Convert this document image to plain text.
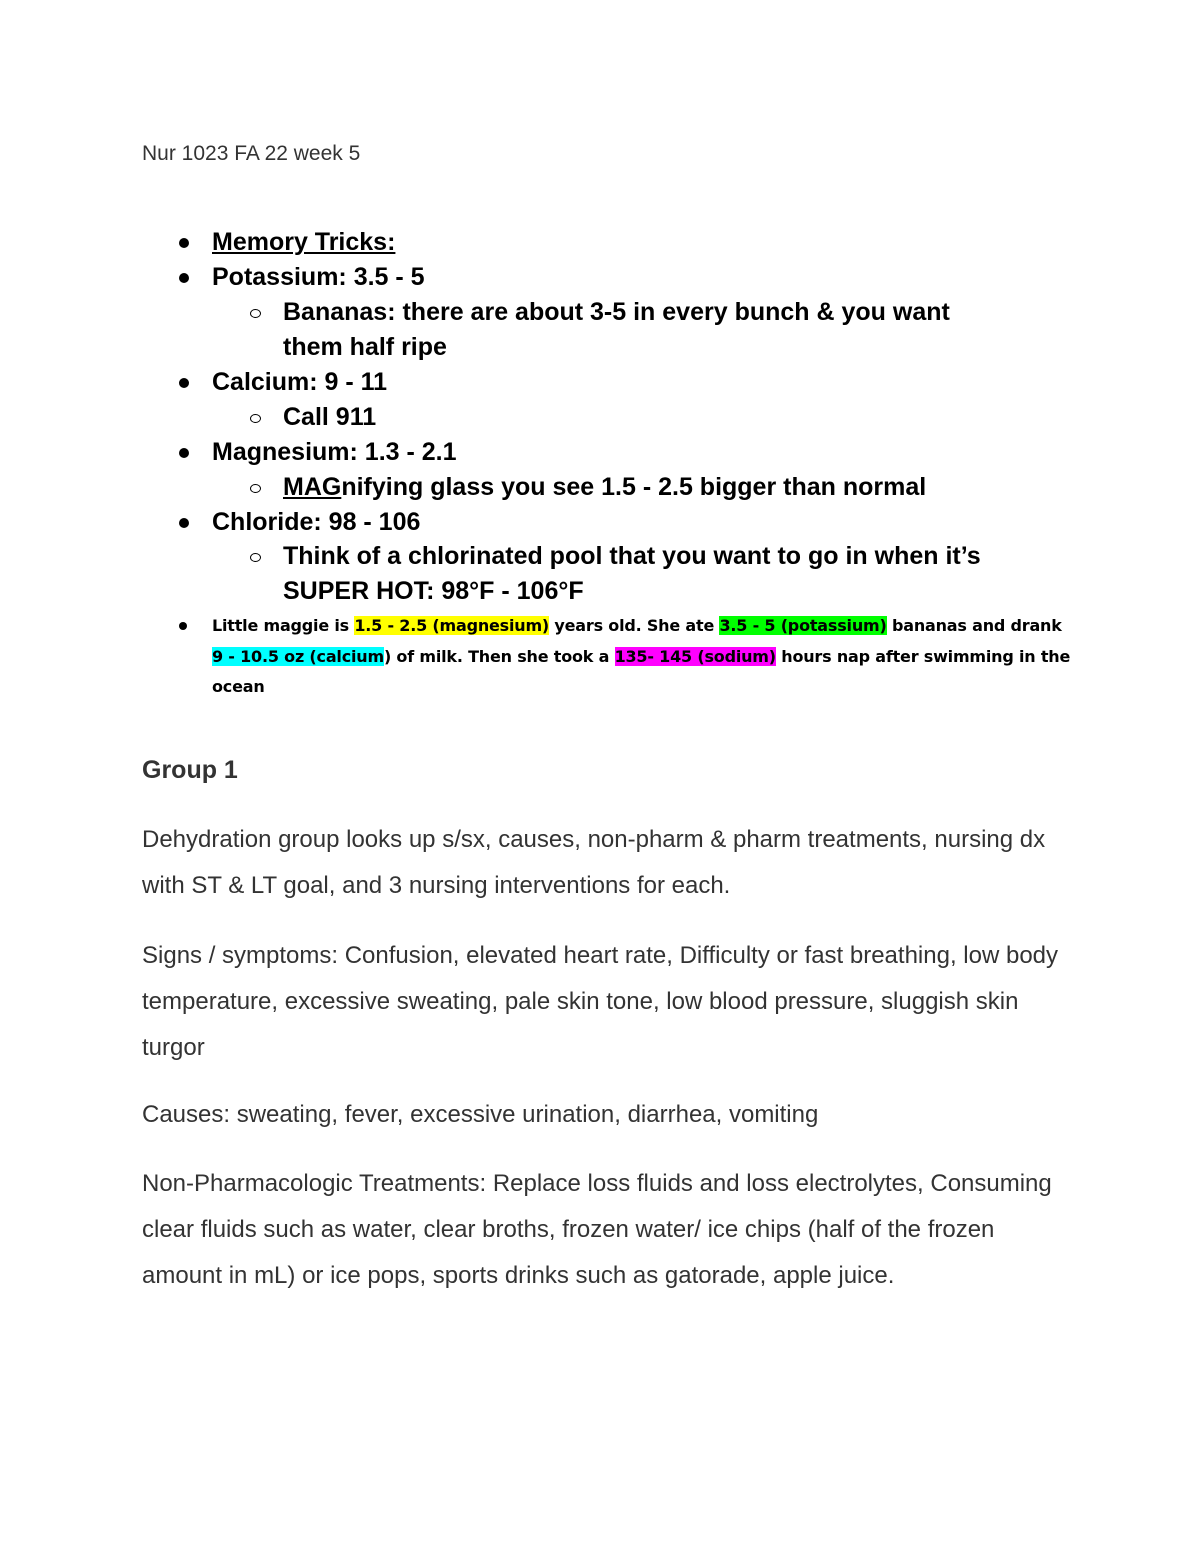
Nur 1023 FA 22 week 5
Memory Tricks:
Potassium: 3.5 - 5
Bananas: there are about 3-5 in every bunch & you want
them half ripe
Calcium: 9 - 11
Call 911
Magnesium: 1.3 - 2.1
MAGnifying glass you see 1.5 - 2.5 bigger than normal
Chloride: 98 - 106
Think of a chlorinated pool that you want to go in when it’s
SUPER HOT: 98°F - 106°F
Little maggie is 1.5 - 2.5 (magnesium) years old. She ate 3.5 - 5 (potassium) bananas and drank 9 - 10.5 oz (calcium) of milk. Then she took a 135- 145 (sodium) hours nap after swimming in the ocean
Group 1
Dehydration group looks up s/sx, causes, non-pharm & pharm treatments, nursing dx with ST & LT goal, and 3 nursing interventions for each.
Signs / symptoms: Confusion, elevated heart rate, Difficulty or fast breathing, low body temperature, excessive sweating, pale skin tone, low blood pressure, sluggish skin turgor
Causes: sweating, fever, excessive urination, diarrhea, vomiting
Non-Pharmacologic Treatments: Replace loss fluids and loss electrolytes, Consuming clear fluids such as water, clear broths, frozen water/ ice chips (half of the frozen amount in mL) or ice pops, sports drinks such as gatorade, apple juice.
